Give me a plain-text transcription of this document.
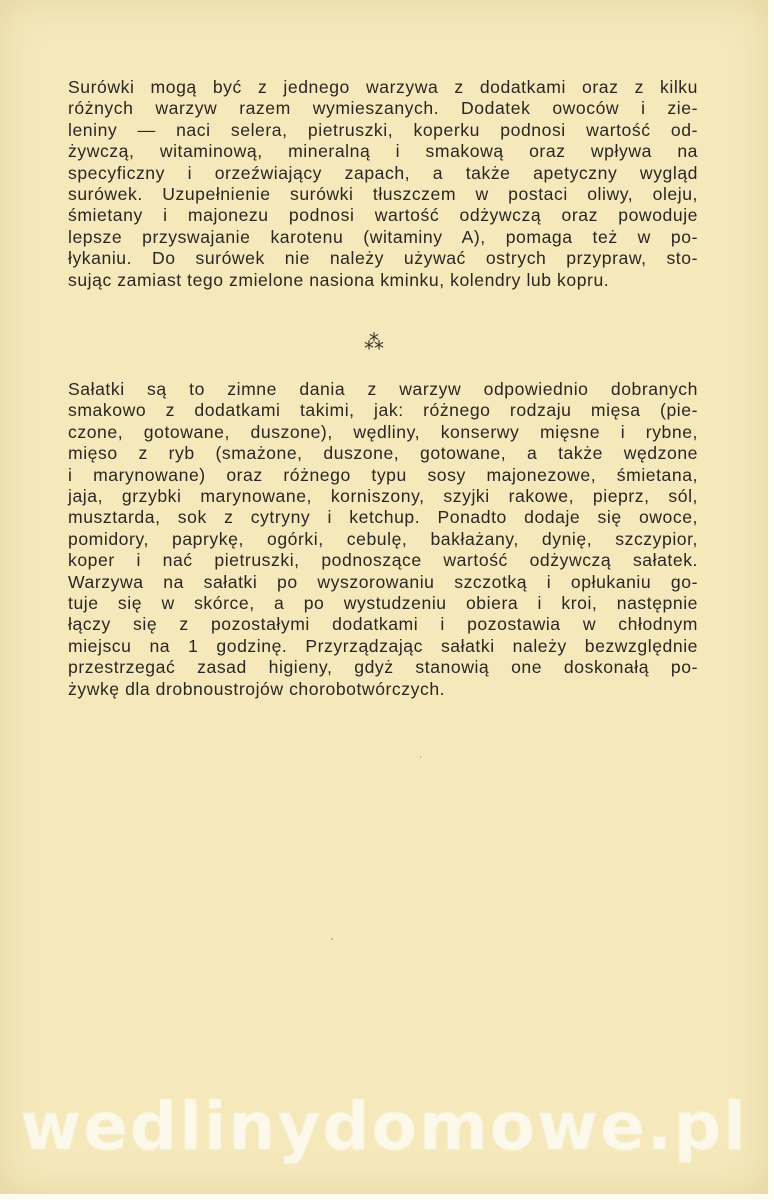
Surówki mogą być z jednego warzywa z dodatkami oraz z kilku
różnych warzyw razem wymieszanych. Dodatek owoców i zie-
leniny — naci selera, pietruszki, koperku podnosi wartość od-
żywczą, witaminową, mineralną i smakową oraz wpływa na
specyficzny i orzeźwiający zapach, a także apetyczny wygląd
surówek. Uzupełnienie surówki tłuszczem w postaci oliwy, oleju,
śmietany i majonezu podnosi wartość odżywczą oraz powoduje
lepsze przyswajanie karotenu (witaminy A), pomaga też w po-
łykaniu. Do surówek nie należy używać ostrych przypraw, sto-
sując zamiast tego zmielone nasiona kminku, kolendry lub kopru.

⁂

Sałatki są to zimne dania z warzyw odpowiednio dobranych
smakowo z dodatkami takimi, jak: różnego rodzaju mięsa (pie-
czone, gotowane, duszone), wędliny, konserwy mięsne i rybne,
mięso z ryb (smażone, duszone, gotowane, a także wędzone
i marynowane) oraz różnego typu sosy majonezowe, śmietana,
jaja, grzybki marynowane, korniszony, szyjki rakowe, pieprz, sól,
musztarda, sok z cytryny i ketchup. Ponadto dodaje się owoce,
pomidory, paprykę, ogórki, cebulę, bakłażany, dynię, szczypior,
koper i nać pietruszki, podnoszące wartość odżywczą sałatek.
Warzywa na sałatki po wyszorowaniu szczotką i opłukaniu go-
tuje się w skórce, a po wystudzeniu obiera i kroi, następnie
łączy się z pozostałymi dodatkami i pozostawia w chłodnym
miejscu na 1 godzinę. Przyrządzając sałatki należy bezwzględnie
przestrzegać zasad higieny, gdyż stanowią one doskonałą po-
żywkę dla drobnoustrojów chorobotwórczych.

wedlinydomowe.pl
